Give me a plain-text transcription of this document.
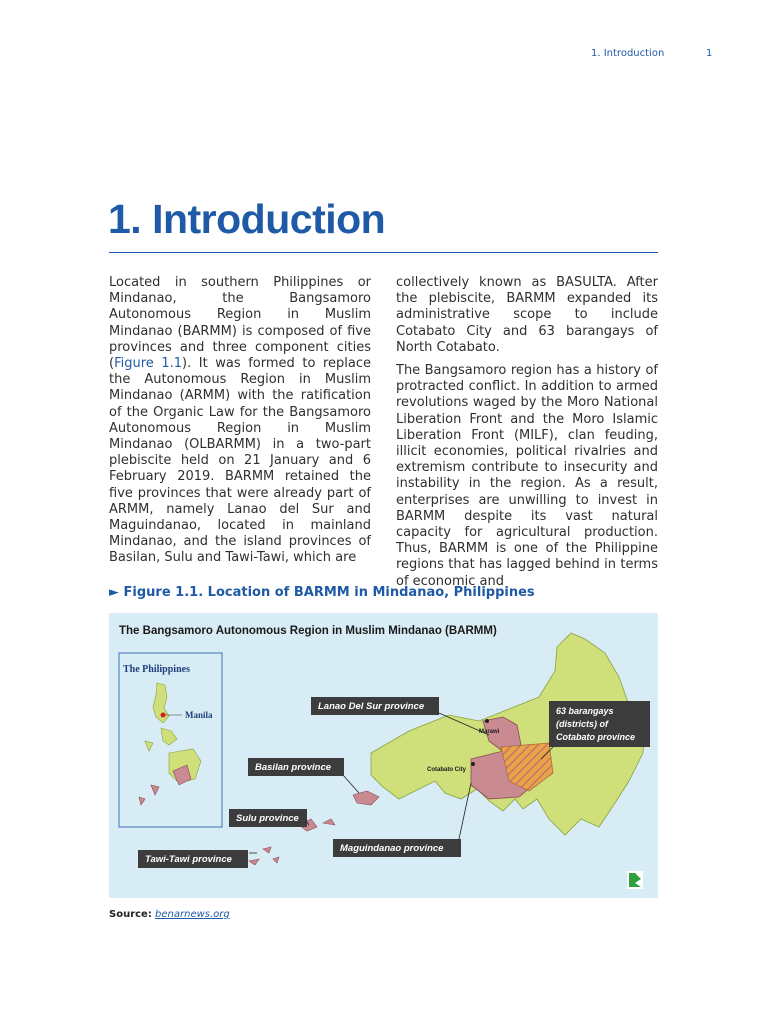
1. Introduction	1
1. Introduction

Located in southern Philippines or Mindanao, the Bangsamoro Autonomous Region in Muslim Mindanao (BARMM) is composed of five provinces and three component cities (Figure 1.1). It was formed to replace the Autonomous Region in Muslim Mindanao (ARMM) with the ratification of the Organic Law for the Bangsamoro Autonomous Region in Muslim Mindanao (OLBARMM) in a two-part plebiscite held on 21 January and 6 February 2019. BARMM retained the five provinces that were already part of ARMM, namely Lanao del Sur and Maguindanao, located in mainland Mindanao, and the island provinces of Basilan, Sulu and Tawi-Tawi, which are

collectively known as BASULTA. After the plebiscite, BARMM expanded its administrative scope to include Cotabato City and 63 barangays of North Cotabato.

The Bangsamoro region has a history of protracted conflict. In addition to armed revolutions waged by the Moro National Liberation Front and the Moro Islamic Liberation Front (MILF), clan feuding, illicit economies, political rivalries and extremism contribute to insecurity and instability in the region. As a result, enterprises are unwilling to invest in BARMM despite its vast natural capacity for agricultural production. Thus, BARMM is one of the Philippine regions that has lagged behind in terms of economic and

► Figure 1.1. Location of BARMM in Mindanao, Philippines
The Bangsamoro Autonomous Region in Muslim Mindanao (BARMM)
The Philippines
Manila
Marawi
Cotabato City
Lanao Del Sur province
Basilan province
Sulu province
Tawi-Tawi province
Maguindanao province
63 barangays
(districts) of
Cotabato province
Source: benarnews.org
